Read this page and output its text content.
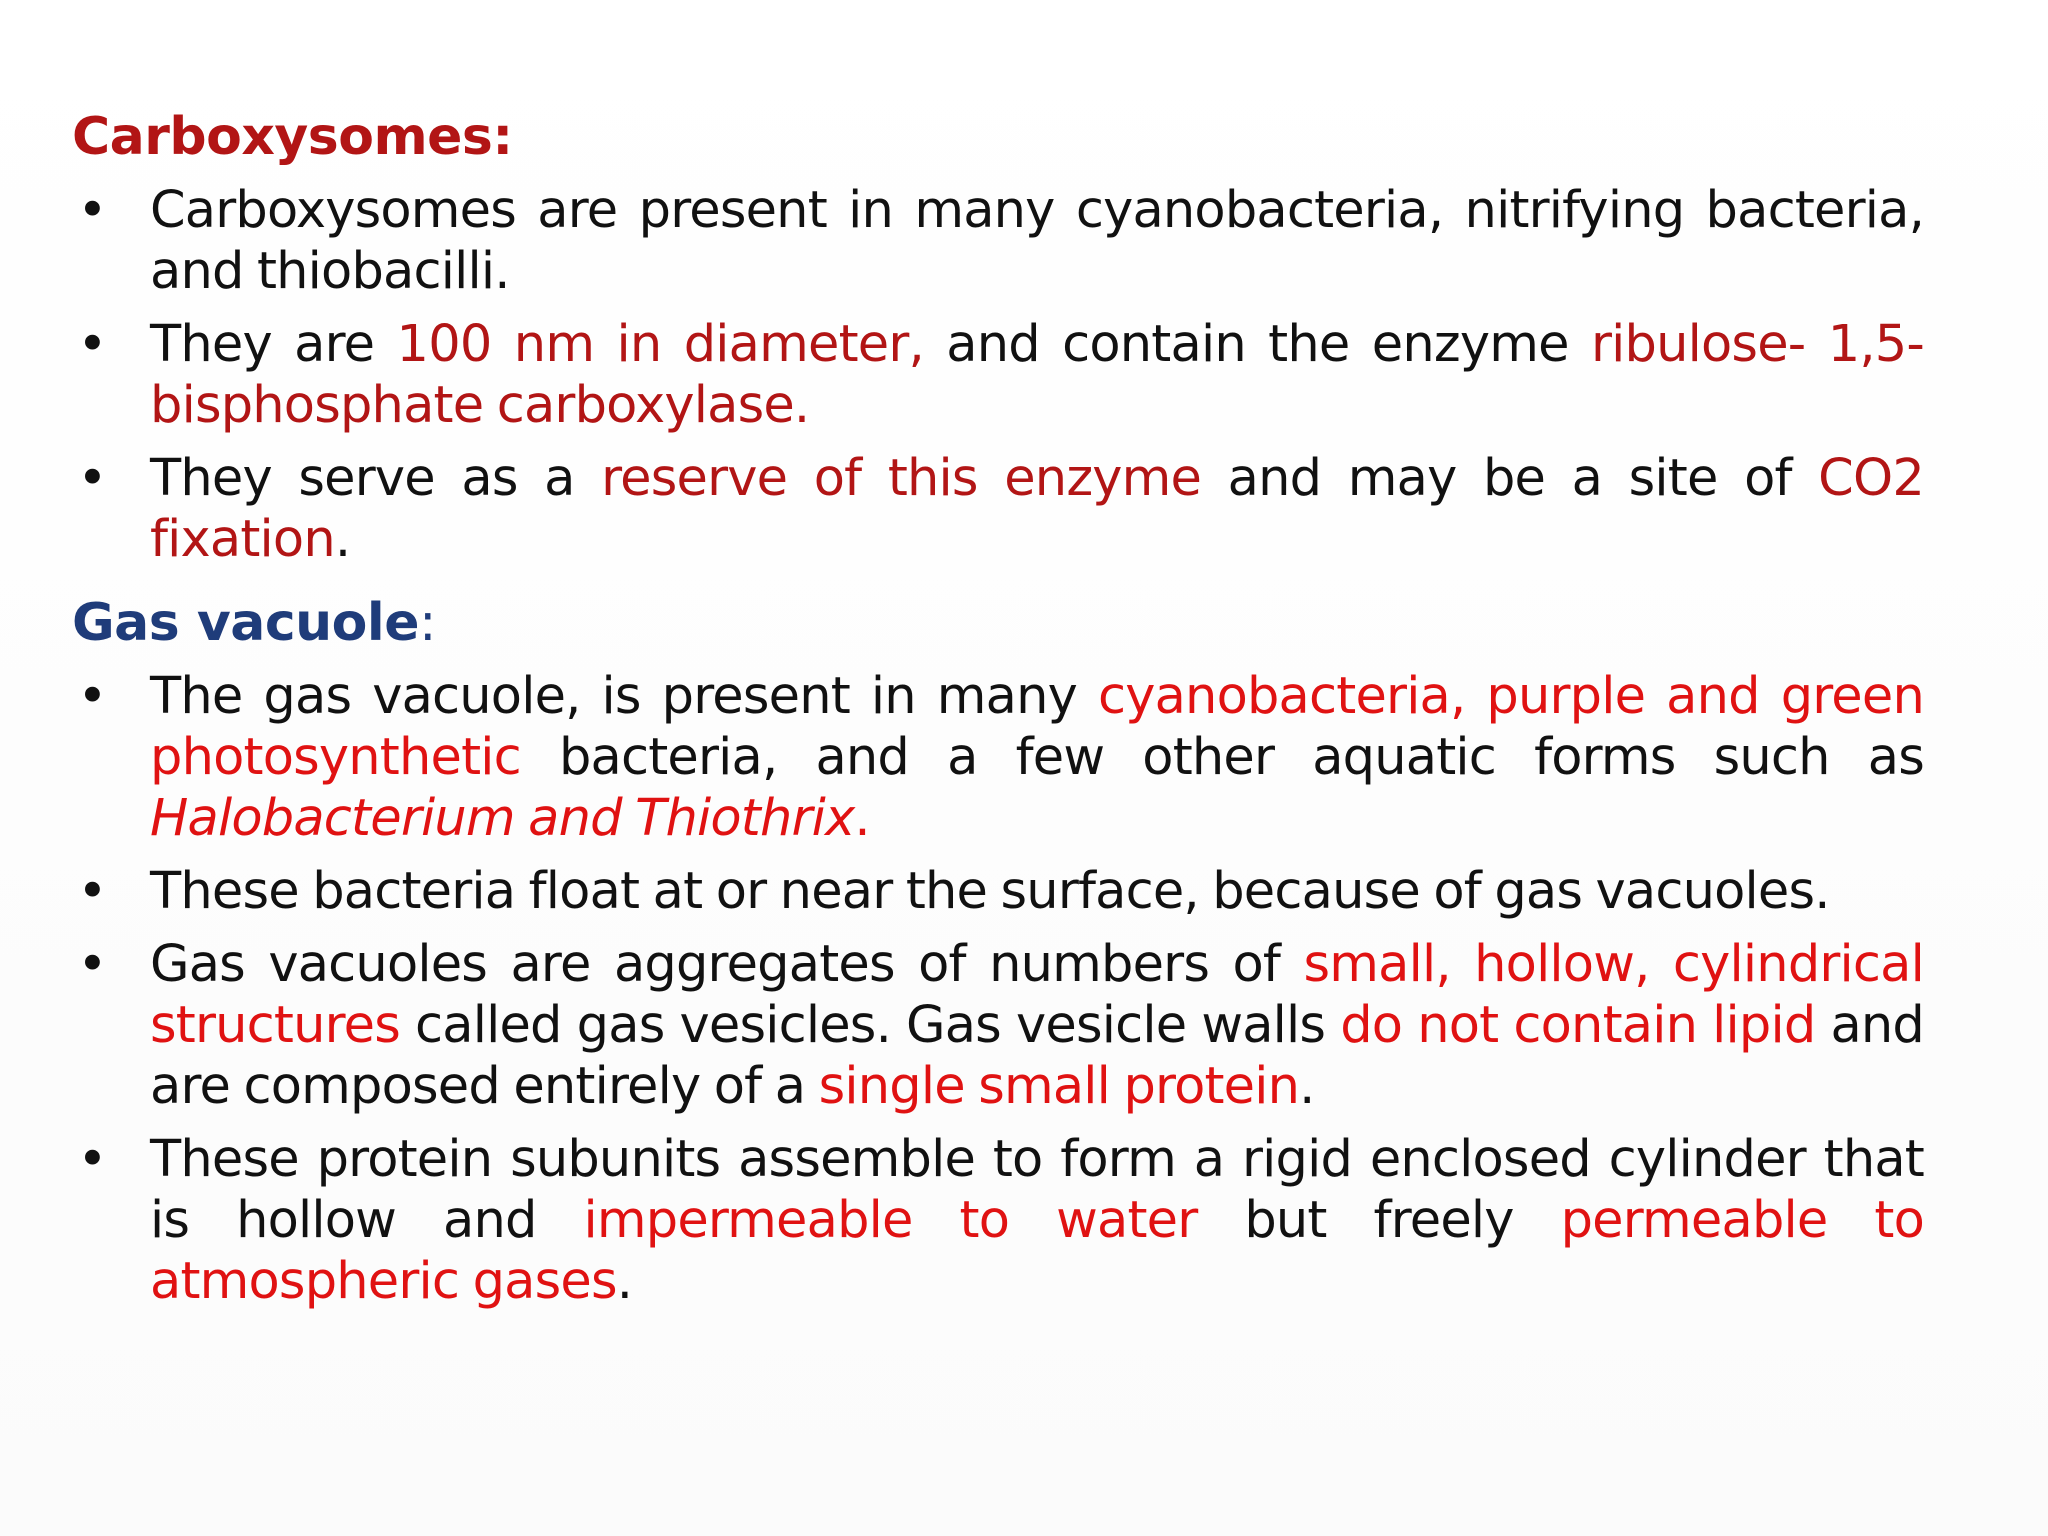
Carboxysomes:
• Carboxysomes are present in many cyanobacteria, nitrifying bacteria, and thiobacilli.
• They are 100 nm in diameter, and contain the enzyme ribulose- 1,5-bisphosphate carboxylase.
• They serve as a reserve of this enzyme and may be a site of CO2 fixation.
Gas vacuole:
• The gas vacuole, is present in many cyanobacteria, purple and green photosynthetic bacteria, and a few other aquatic forms such as Halobacterium and Thiothrix.
• These bacteria float at or near the surface, because of gas vacuoles.
• Gas vacuoles are aggregates of numbers of small, hollow, cylindrical structures called gas vesicles. Gas vesicle walls do not contain lipid and are composed entirely of a single small protein.
• These protein subunits assemble to form a rigid enclosed cylinder that is hollow and impermeable to water but freely permeable to atmospheric gases.
